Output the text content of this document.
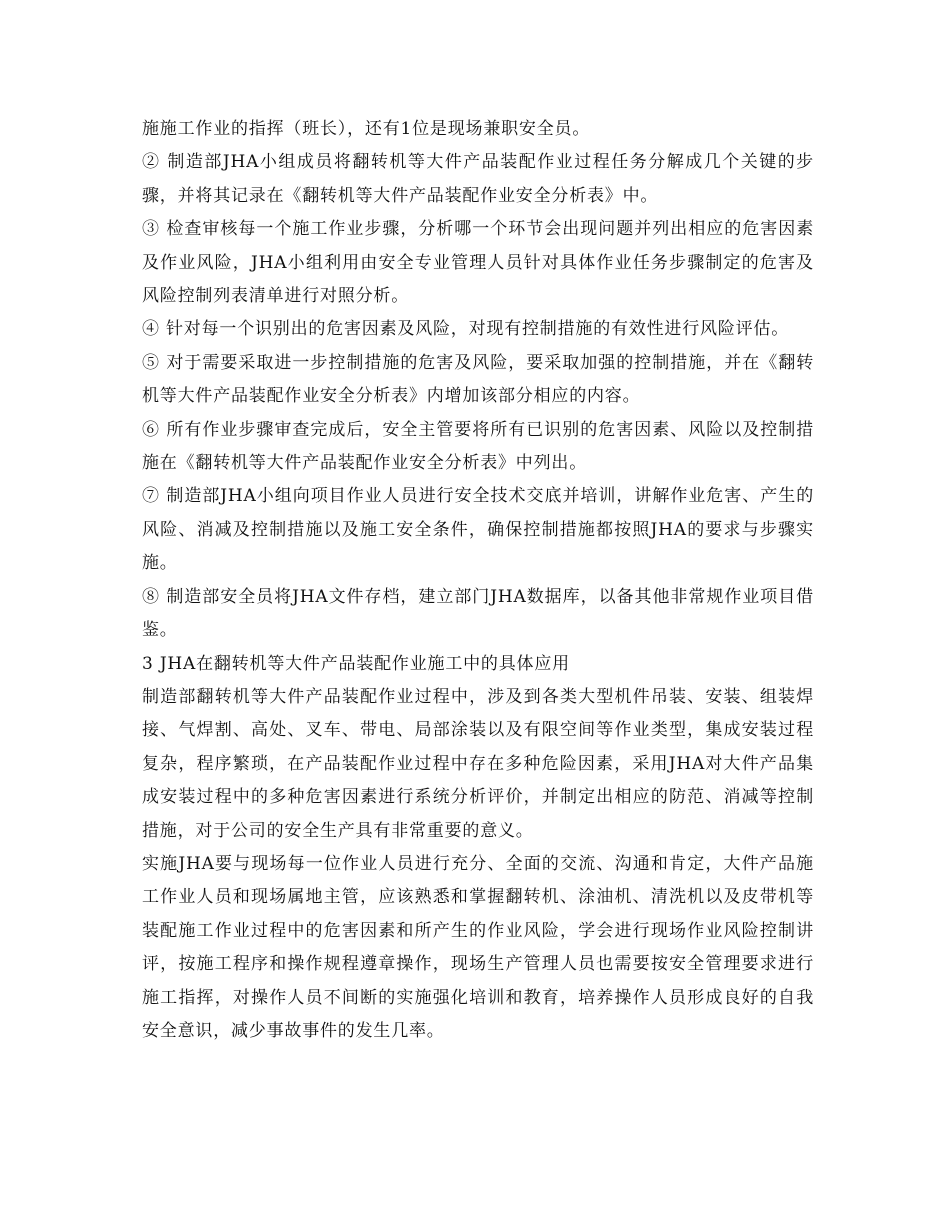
施施工作业的指挥（班长），还有1位是现场兼职安全员。

② 制造部JHA小组成员将翻转机等大件产品装配作业过程任务分解成几个关键的步骤，并将其记录在《翻转机等大件产品装配作业安全分析表》中。

③ 检查审核每一个施工作业步骤，分析哪一个环节会出现问题并列出相应的危害因素及作业风险，JHA小组利用由安全专业管理人员针对具体作业任务步骤制定的危害及风险控制列表清单进行对照分析。

④ 针对每一个识别出的危害因素及风险，对现有控制措施的有效性进行风险评估。

⑤ 对于需要采取进一步控制措施的危害及风险，要采取加强的控制措施，并在《翻转机等大件产品装配作业安全分析表》内增加该部分相应的内容。

⑥ 所有作业步骤审查完成后，安全主管要将所有已识别的危害因素、风险以及控制措施在《翻转机等大件产品装配作业安全分析表》中列出。

⑦ 制造部JHA小组向项目作业人员进行安全技术交底并培训，讲解作业危害、产生的风险、消减及控制措施以及施工安全条件，确保控制措施都按照JHA的要求与步骤实施。

⑧ 制造部安全员将JHA文件存档，建立部门JHA数据库，以备其他非常规作业项目借鉴。

3 JHA在翻转机等大件产品装配作业施工中的具体应用

制造部翻转机等大件产品装配作业过程中，涉及到各类大型机件吊装、安装、组装焊接、气焊割、高处、叉车、带电、局部涂装以及有限空间等作业类型，集成安装过程复杂，程序繁琐，在产品装配作业过程中存在多种危险因素，采用JHA对大件产品集成安装过程中的多种危害因素进行系统分析评价，并制定出相应的防范、消减等控制措施，对于公司的安全生产具有非常重要的意义。

实施JHA要与现场每一位作业人员进行充分、全面的交流、沟通和肯定，大件产品施工作业人员和现场属地主管，应该熟悉和掌握翻转机、涂油机、清洗机以及皮带机等装配施工作业过程中的危害因素和所产生的作业风险，学会进行现场作业风险控制讲评，按施工程序和操作规程遵章操作，现场生产管理人员也需要按安全管理要求进行施工指挥，对操作人员不间断的实施强化培训和教育，培养操作人员形成良好的自我安全意识，减少事故事件的发生几率。
